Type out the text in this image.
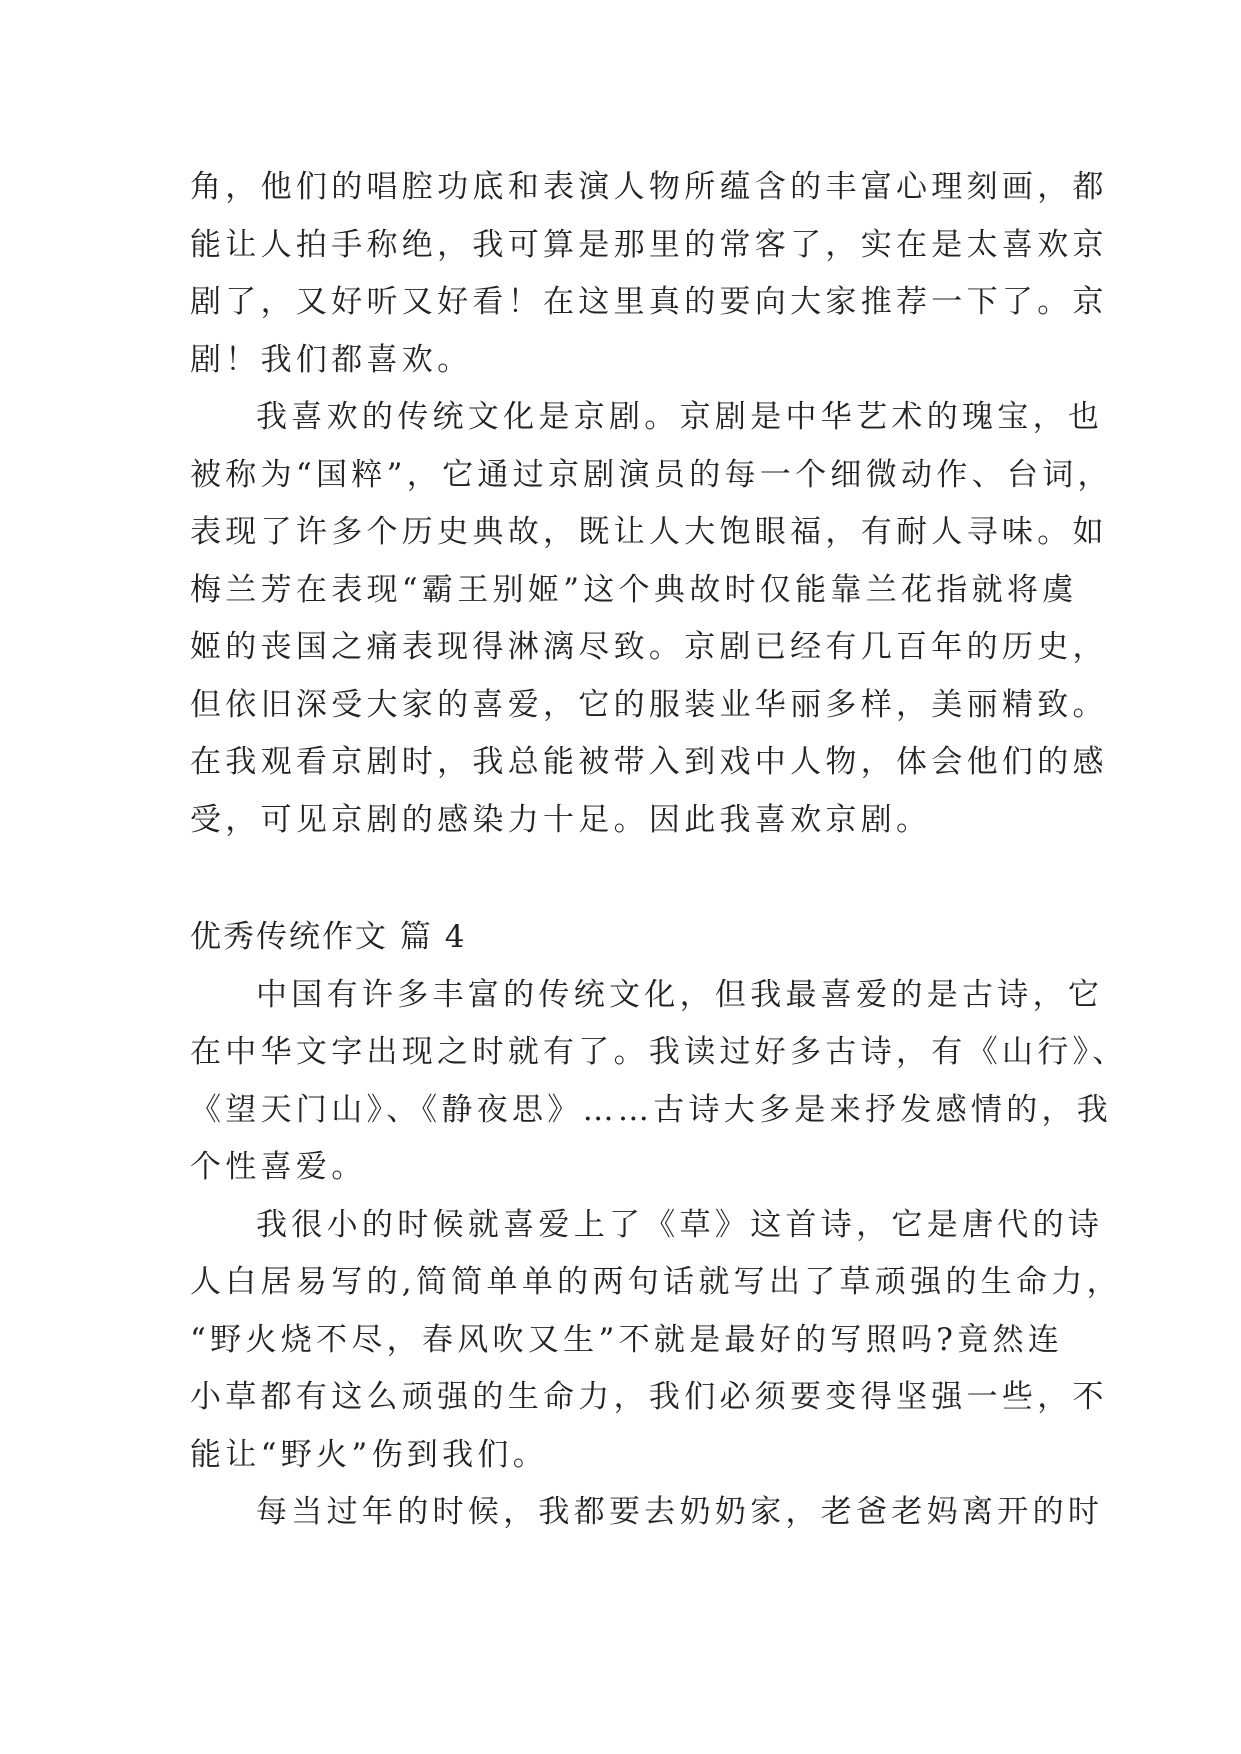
角，他们的唱腔功底和表演人物所蕴含的丰富心理刻画，都
能让人拍手称绝，我可算是那里的常客了，实在是太喜欢京
剧了，又好听又好看！在这里真的要向大家推荐一下了。京
剧！我们都喜欢。
我喜欢的传统文化是京剧。京剧是中华艺术的瑰宝，也
被称为“国粹”，它通过京剧演员的每一个细微动作、台词，
表现了许多个历史典故，既让人大饱眼福，有耐人寻味。如
梅兰芳在表现“霸王别姬”这个典故时仅能靠兰花指就将虞
姬的丧国之痛表现得淋漓尽致。京剧已经有几百年的历史，
但依旧深受大家的喜爱，它的服装业华丽多样，美丽精致。
在我观看京剧时，我总能被带入到戏中人物，体会他们的感
受，可见京剧的感染力十足。因此我喜欢京剧。
优秀传统作文 篇 4
中国有许多丰富的传统文化，但我最喜爱的是古诗，它
在中华文字出现之时就有了。我读过好多古诗，有《山行》、
《望天门山》、《静夜思》……古诗大多是来抒发感情的，我
个性喜爱。
我很小的时候就喜爱上了《草》这首诗，它是唐代的诗
人白居易写的,简简单单的两句话就写出了草顽强的生命力，
“野火烧不尽，春风吹又生”不就是最好的写照吗?竟然连
小草都有这么顽强的生命力，我们必须要变得坚强一些，不
能让“野火”伤到我们。
每当过年的时候，我都要去奶奶家，老爸老妈离开的时
